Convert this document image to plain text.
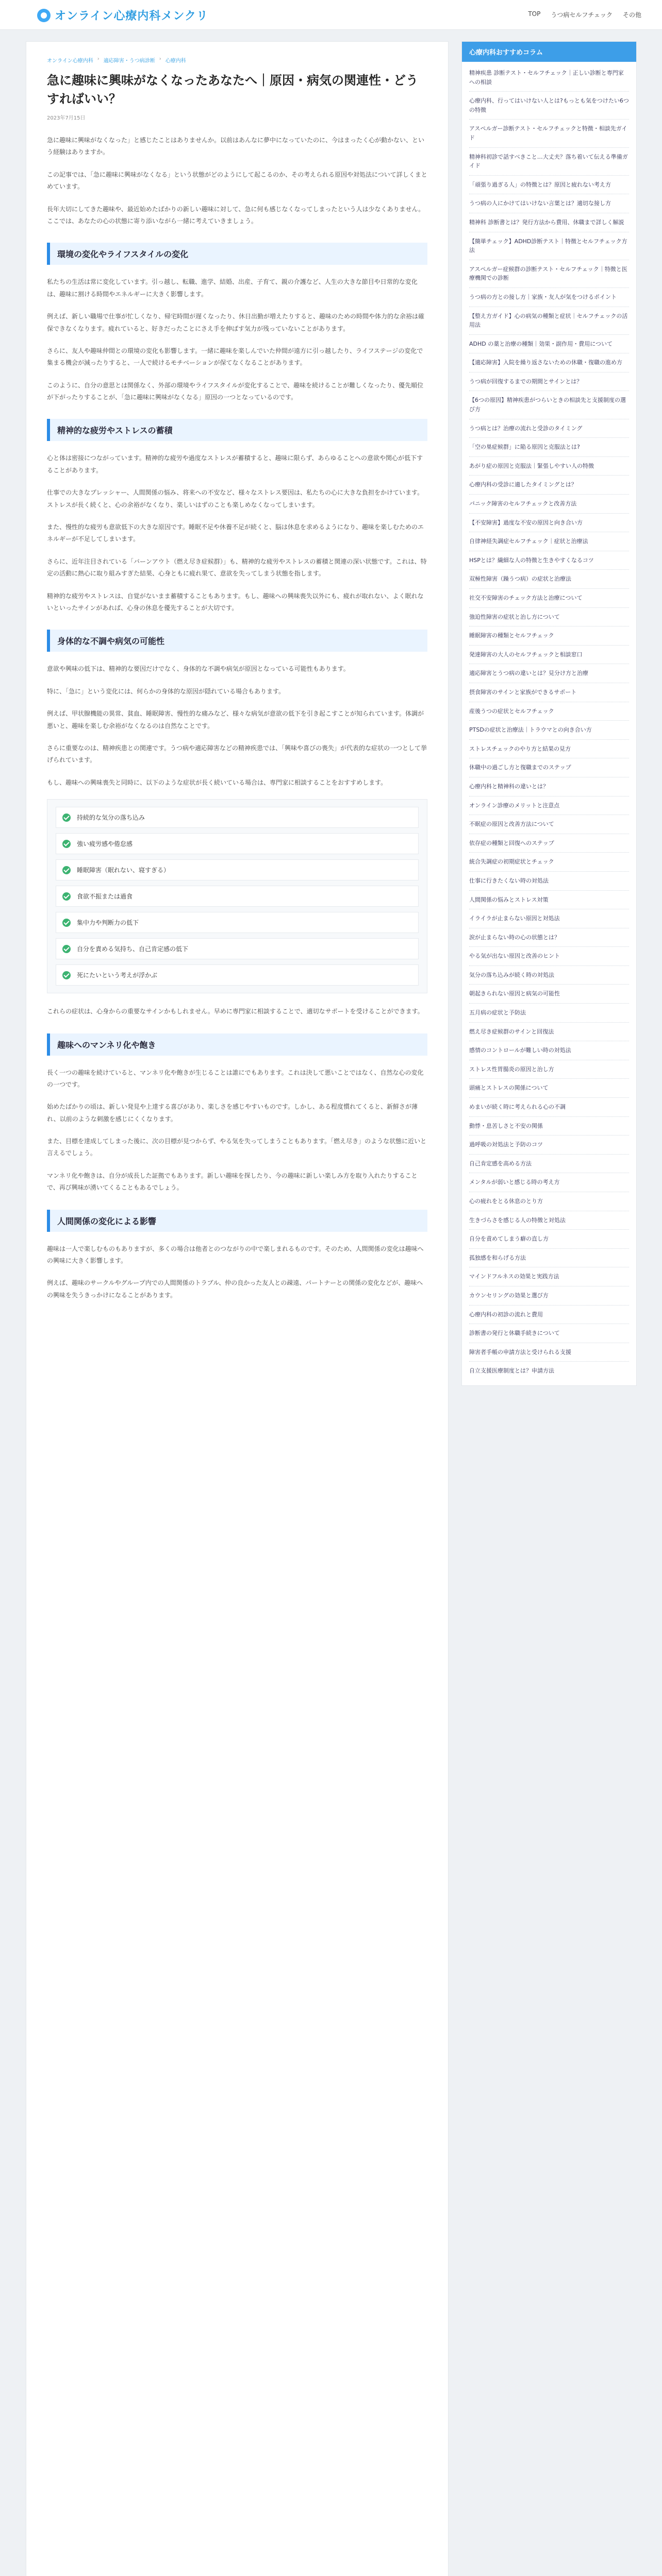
オンライン心療内科メンクリ	TOP うつ病セルフチェック その他
オンライン心療内科 › 適応障害・うつ病診断 › 心療内科
急に趣味に興味がなくなったあなたへ｜原因・病気の関連性・どうすればいい？
2023年7月15日

急に趣味に興味がなくなった」と感じたことはありませんか。以前はあんなに夢中になっていたのに、今はまったく心が動かない、という経験はありますか。

この記事では、「急に趣味に興味がなくなる」という状態がどのようにして起こるのか、その考えられる原因や対処法について詳しくまとめています。

長年大切にしてきた趣味や、最近始めたばかりの新しい趣味に対して、急に何も感じなくなってしまったという人は少なくありません。ここでは、あなたの心の状態に寄り添いながら一緒に考えていきましょう。

環境の変化やライフスタイルの変化

私たちの生活は常に変化しています。引っ越し、転職、進学、結婚、出産、子育て、親の介護など、人生の大きな節目や日常的な変化は、趣味に割ける時間やエネルギーに大きく影響します。

例えば、新しい職場で仕事が忙しくなり、帰宅時間が遅くなったり、休日出勤が増えたりすると、趣味のための時間や体力的な余裕は確保できなくなります。疲れていると、好きだったことにさえ手を伸ばす気力が残っていないことがあります。

さらに、友人や趣味仲間との環境の変化も影響します。一緒に趣味を楽しんでいた仲間が遠方に引っ越したり、ライフステージの変化で集まる機会が減ったりすると、一人で続けるモチベーションが保てなくなることがあります。

このように、自分の意思とは関係なく、外部の環境やライフスタイルが変化することで、趣味を続けることが難しくなったり、優先順位が下がったりすることが、「急に趣味に興味がなくなる」原因の一つとなっているのです。

精神的な疲労やストレスの蓄積

心と体は密接につながっています。精神的な疲労や過度なストレスが蓄積すると、趣味に限らず、あらゆることへの意欲や関心が低下することがあります。

仕事での大きなプレッシャー、人間関係の悩み、将来への不安など、様々なストレス要因は、私たちの心に大きな負担をかけています。ストレスが長く続くと、心の余裕がなくなり、楽しいはずのことも楽しめなくなってしまいます。

また、慢性的な疲労も意欲低下の大きな原因です。睡眠不足や休養不足が続くと、脳は休息を求めるようになり、趣味を楽しむためのエネルギーが不足してしまいます。

さらに、近年注目されている「バーンアウト（燃え尽き症候群）」も、精神的な疲労やストレスの蓄積と関連の深い状態です。これは、特定の活動に熱心に取り組みすぎた結果、心身ともに疲れ果て、意欲を失ってしまう状態を指します。

精神的な疲労やストレスは、自覚がないまま蓄積することもあります。もし、趣味への興味喪失以外にも、疲れが取れない、よく眠れないといったサインがあれば、心身の休息を優先することが大切です。

身体的な不調や病気の可能性

意欲や興味の低下は、精神的な要因だけでなく、身体的な不調や病気が原因となっている可能性もあります。

特に、「急に」という変化には、何らかの身体的な原因が隠れている場合もあります。

例えば、甲状腺機能の異常、貧血、睡眠障害、慢性的な痛みなど、様々な病気が意欲の低下を引き起こすことが知られています。体調が悪いと、趣味を楽しむ余裕がなくなるのは自然なことです。

さらに重要なのは、精神疾患との関連です。うつ病や適応障害などの精神疾患では、「興味や喜びの喪失」が代表的な症状の一つとして挙げられています。

もし、趣味への興味喪失と同時に、以下のような症状が長く続いている場合は、専門家に相談することをおすすめします。

持続的な気分の落ち込み
強い疲労感や倦怠感
睡眠障害（眠れない、寝すぎる）
食欲不振または過食
集中力や判断力の低下
自分を責める気持ち、自己肯定感の低下
死にたいという考えが浮かぶ

これらの症状は、心身からの重要なサインかもしれません。早めに専門家に相談することで、適切なサポートを受けることができます。

趣味へのマンネリ化や飽き

長く一つの趣味を続けていると、マンネリ化や飽きが生じることは誰にでもあります。これは決して悪いことではなく、自然な心の変化の一つです。

始めたばかりの頃は、新しい発見や上達する喜びがあり、楽しさを感じやすいものです。しかし、ある程度慣れてくると、新鮮さが薄れ、以前のような刺激を感じにくくなります。

また、目標を達成してしまった後に、次の目標が見つからず、やる気を失ってしまうこともあります。「燃え尽き」のような状態に近いと言えるでしょう。

マンネリ化や飽きは、自分が成長した証拠でもあります。新しい趣味を探したり、今の趣味に新しい楽しみ方を取り入れたりすることで、再び興味が湧いてくることもあるでしょう。

人間関係の変化による影響

趣味は一人で楽しむものもありますが、多くの場合は他者とのつながりの中で楽しまれるものです。そのため、人間関係の変化は趣味への興味に大きく影響します。

例えば、趣味のサークルやグループ内での人間関係のトラブル、仲の良かった友人との疎遠、パートナーとの関係の変化などが、趣味への興味を失うきっかけになることがあります。

心療内科おすすめコラム
精神疾患 診断テスト・セルフチェック｜正しい診断と専門家への相談
心療内科、行ってはいけない人とは?もっとも気をつけたい6つの特徴
アスペルガー診断テスト・セルフチェックと特徴・相談先ガイド
精神科初診で話すべきこと…大丈夫？落ち着いて伝える準備ガイド
「頑張り過ぎる人」の特徴とは？原因と疲れない考え方
うつ病の人にかけてはいけない言葉とは？適切な接し方
精神科 診断書とは？発行方法から費用、休職まで詳しく解説
【簡単チェック】ADHD診断テスト｜特徴とセルフチェック方法
アスペルガー症候群の診断テスト・セルフチェック｜特徴と医療機関での診断
うつ病の方との接し方｜家族・友人が気をつけるポイント
【整え方ガイド】心の病気の種類と症状｜セルフチェックの活用法
ADHD の薬と治療の種類｜効果・副作用・費用について
【適応障害】入院を繰り返さないための休職・復職の進め方
うつ病が回復するまでの期間とサインとは？
【6つの原因】精神疾患がつらいときの相談先と支援制度の選び方
うつ病とは？治療の流れと受診のタイミング
「空の巣症候群」に陥る原因と克服法とは?
あがり症の原因と克服法｜緊張しやすい人の特徴
心療内科の受診に適したタイミングとは？
パニック障害のセルフチェックと改善方法
【不安障害】過度な不安の原因と向き合い方
自律神経失調症セルフチェック｜症状と治療法
HSPとは？繊細な人の特徴と生きやすくなるコツ
双極性障害（躁うつ病）の症状と治療法
社交不安障害のチェック方法と治療について
強迫性障害の症状と治し方について
睡眠障害の種類とセルフチェック
発達障害の大人のセルフチェックと相談窓口
適応障害とうつ病の違いとは？見分け方と治療
摂食障害のサインと家族ができるサポート
産後うつの症状とセルフチェック
PTSDの症状と治療法｜トラウマとの向き合い方
ストレスチェックのやり方と結果の見方
休職中の過ごし方と復職までのステップ
心療内科と精神科の違いとは？
オンライン診療のメリットと注意点
不眠症の原因と改善方法について
依存症の種類と回復へのステップ
統合失調症の初期症状とチェック
仕事に行きたくない時の対処法
人間関係の悩みとストレス対策
イライラが止まらない原因と対処法
涙が止まらない時の心の状態とは？
やる気が出ない原因と改善のヒント
気分の落ち込みが続く時の対処法
朝起きられない原因と病気の可能性
五月病の症状と予防法
燃え尽き症候群のサインと回復法
感情のコントロールが難しい時の対処法
ストレス性胃腸炎の原因と治し方
頭痛とストレスの関係について
めまいが続く時に考えられる心の不調
動悸・息苦しさと不安の関係
過呼吸の対処法と予防のコツ
自己肯定感を高める方法
メンタルが弱いと感じる時の考え方
心の疲れをとる休息のとり方
生きづらさを感じる人の特徴と対処法
自分を責めてしまう癖の直し方
孤独感を和らげる方法
マインドフルネスの効果と実践方法
カウンセリングの効果と選び方
心療内科の初診の流れと費用
診断書の発行と休職手続きについて
障害者手帳の申請方法と受けられる支援
自立支援医療制度とは？申請方法
